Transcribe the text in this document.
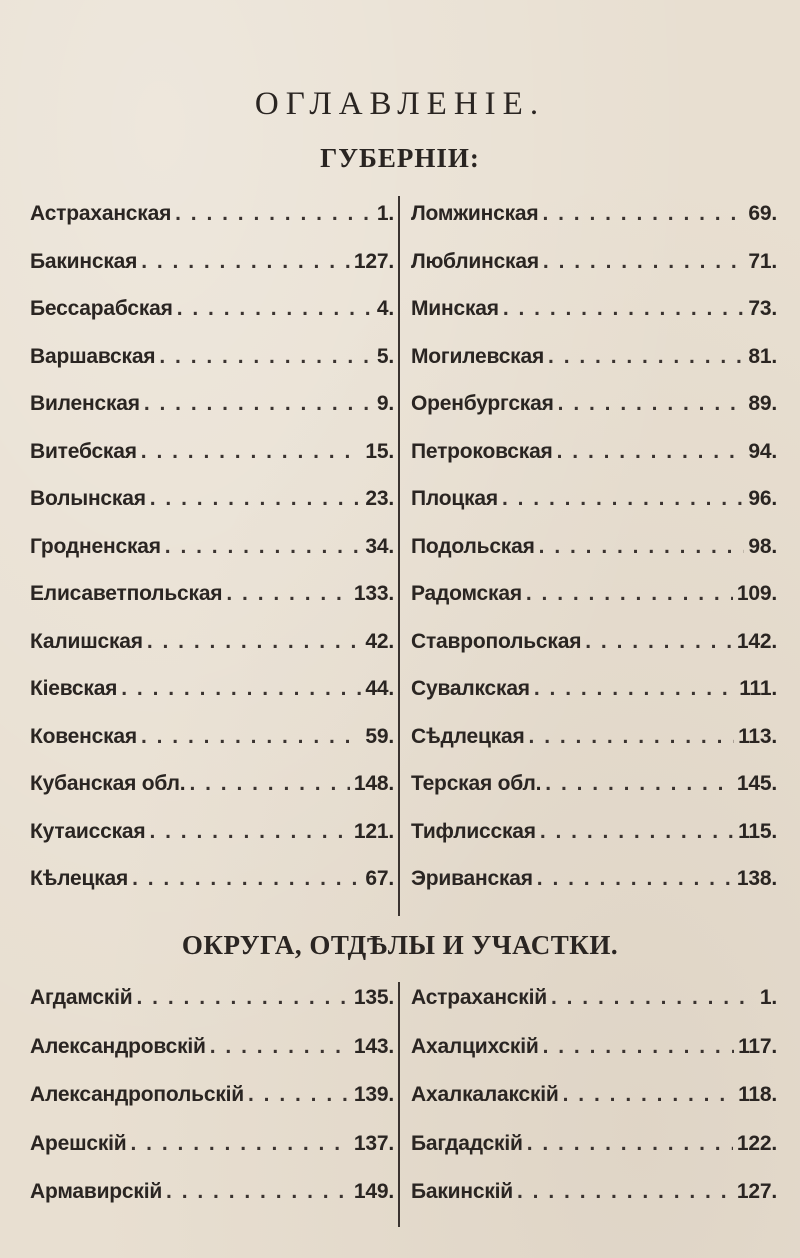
ОГЛАВЛЕНІЕ.
ГУБЕРНІИ:
Астраханская . . .	1.
Бакинская . . .	127.
Бессарабская . . .	4.
Варшавская . . .	5.
Виленская . . .	9.
Витебская . . .	15.
Волынская . . .	23.
Гродненская . . .	34.
Елисаветпольская . . .	133.
Калишская . . .	42.
Кіевская . . .	44.
Ковенская . . .	59.
Кубанская обл. . . .	148.
Кутаисская . . .	121.
Кѣлецкая . . .	67.
Ломжинская . . .	69.
Люблинская . . .	71.
Минская . . .	73.
Могилевская . . .	81.
Оренбургская . . .	89.
Петроковская . . .	94.
Плоцкая . . .	96.
Подольская . . .	98.
Радомская . . .	109.
Ставропольская . . .	142.
Сувалкская . . .	111.
Сѣдлецкая . . .	113.
Терская обл. . . .	145.
Тифлисская . . .	115.
Эриванская . . .	138.
ОКРУГА, ОТДѢЛЫ И УЧАСТКИ.
Агдамскій . . .	135.
Александровскій . . .	143.
Александропольскій . . .	139.
Арешскій . . .	137.
Армавирскій . . .	149.
Астраханскій . . .	1.
Ахалцихскій . . .	117.
Ахалкалакскій . . .	118.
Багдадскій . . .	122.
Бакинскій . . .	127.
